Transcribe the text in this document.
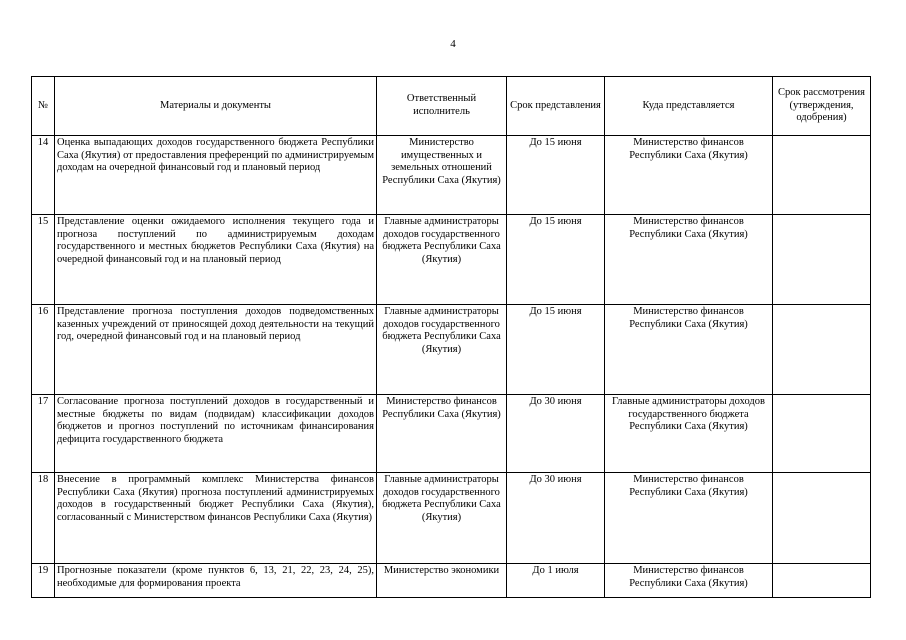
4
№	Материалы и документы	Ответственный исполнитель	Срок представления	Куда представляется	Срок рассмотрения (утверждения, одобрения)
14	Оценка выпадающих доходов государственного бюджета Республики Саха (Якутия) от предоставления преференций по администрируемым доходам на очередной финансовый год и плановый период	Министерство имущественных и земельных отношений Республики Саха (Якутия)	До 15 июня	Министерство финансов Республики Саха (Якутия)	
15	Представление оценки ожидаемого исполнения текущего года и прогноза поступлений по администрируемым доходам государственного и местных бюджетов Республики Саха (Якутия) на очередной финансовый год и на плановый период	Главные администраторы доходов государственного бюджета Республики Саха (Якутия)	До 15 июня	Министерство финансов Республики Саха (Якутия)	
16	Представление прогноза поступления доходов подведомственных казенных учреждений от приносящей доход деятельности на текущий год, очередной финансовый год и на плановый период	Главные администраторы доходов государственного бюджета Республики Саха (Якутия)	До 15 июня	Министерство финансов Республики Саха (Якутия)	
17	Согласование прогноза поступлений доходов в государственный и местные бюджеты по видам (подвидам) классификации доходов бюджетов и прогноз поступлений по источникам финансирования дефицита государственного бюджета	Министерство финансов Республики Саха (Якутия)	До 30 июня	Главные администраторы доходов государственного бюджета Республики Саха (Якутия)	
18	Внесение в программный комплекс Министерства финансов Республики Саха (Якутия) прогноза поступлений администрируемых доходов в государственный бюджет Республики Саха (Якутия), согласованный с Министерством финансов Республики Саха (Якутия)	Главные администраторы доходов государственного бюджета Республики Саха (Якутия)	До 30 июня	Министерство финансов Республики Саха (Якутия)	
19	Прогнозные показатели (кроме пунктов 6, 13, 21, 22, 23, 24, 25), необходимые для формирования проекта	Министерство экономики	До 1 июля	Министерство финансов Республики Саха (Якутия)	
